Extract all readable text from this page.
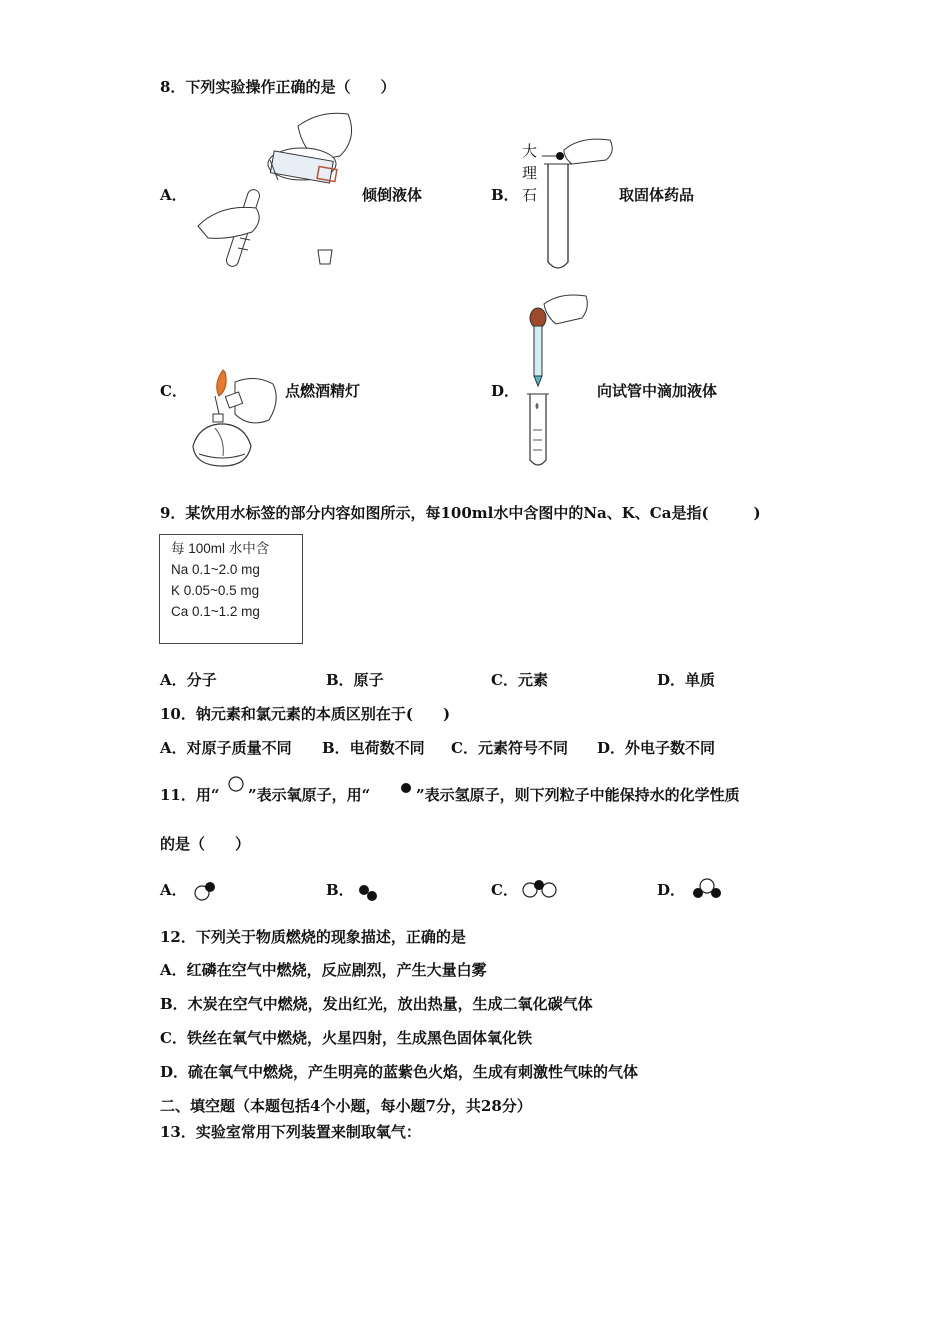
8．下列实验操作正确的是（　　）
A．	倾倒液体	B．
大
理
石	取固体药品
C．	点燃酒精灯	D．	向试管中滴加液体
9．某饮用水标签的部分内容如图所示，每100ml水中含图中的Na、K、Ca是指(　　　)
每 100ml 水中含
Na 0.1~2.0 mg
K 0.05~0.5 mg
Ca 0.1~1.2 mg
A．分子	B．原子	C．元素	D．单质
10．钠元素和氯元素的本质区别在于(　　)
A．对原子质量不同 B．电荷数不同 C．元素符号不同 D．外电子数不同
11．用“ ”表示氧原子，用“	”表示氢原子，则下列粒子中能保持水的化学性质
的是（　　）
A．	B．	C．	D．
12．下列关于物质燃烧的现象描述，正确的是
A．红磷在空气中燃烧，反应剧烈，产生大量白雾
B．木炭在空气中燃烧，发出红光，放出热量，生成二氧化碳气体
C．铁丝在氧气中燃烧，火星四射，生成黑色固体氧化铁
D．硫在氧气中燃烧，产生明亮的蓝紫色火焰，生成有刺激性气味的气体
二、填空题（本题包括4个小题，每小题7分，共28分）
13．实验室常用下列装置来制取氧气：
